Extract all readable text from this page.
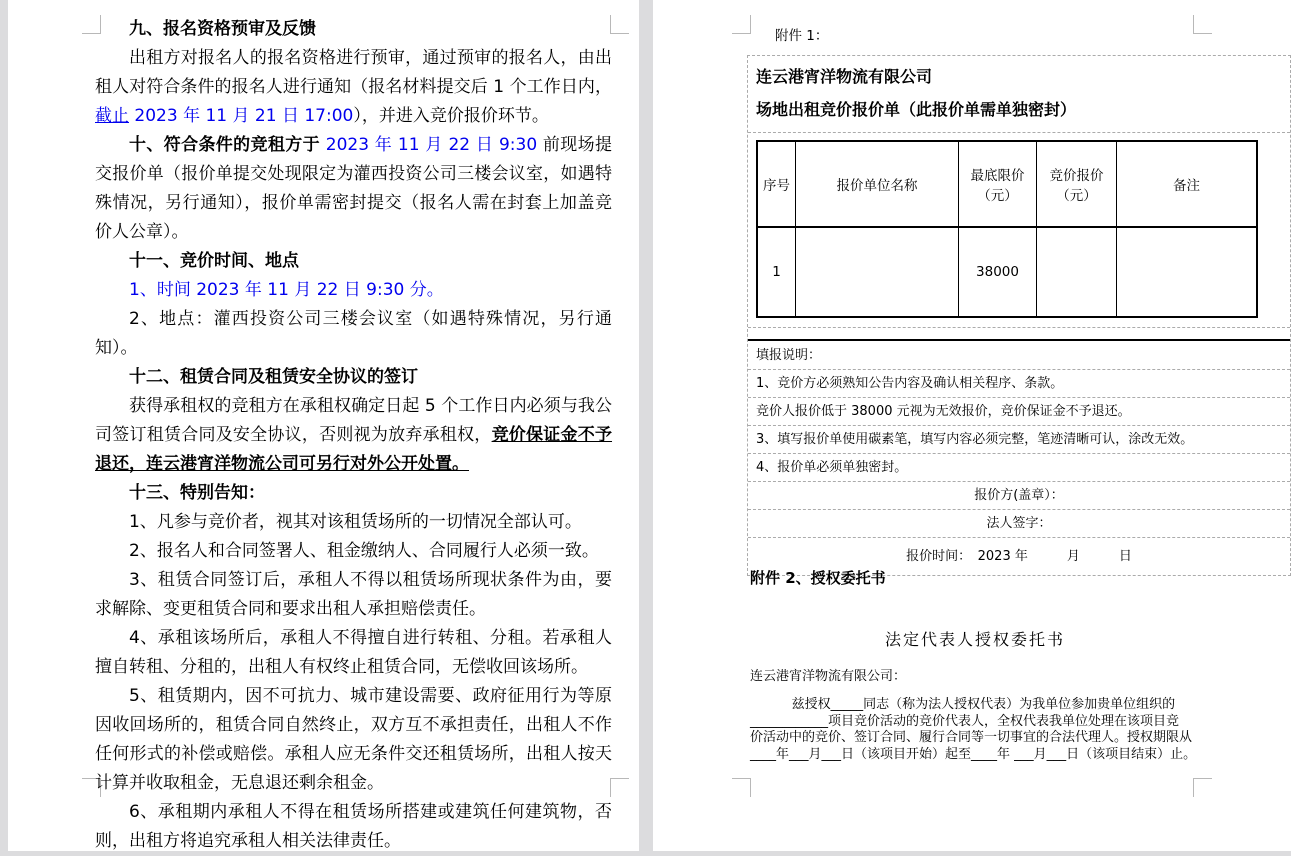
九、报名资格预审及反馈

出租方对报名人的报名资格进行预审，通过预审的报名人，由出租人对符合条件的报名人进行通知（报名材料提交后 1 个工作日内，截止 2023 年 11 月 21 日 17:00），并进入竞价报价环节。

十、符合条件的竞租方于 2023 年 11 月 22 日 9:30 前现场提交报价单（报价单提交处现限定为灌西投资公司三楼会议室，如遇特殊情况，另行通知），报价单需密封提交（报名人需在封套上加盖竞价人公章）。

十一、竞价时间、地点

1、时间 2023 年 11 月 22 日 9:30 分。

2、地点：灌西投资公司三楼会议室（如遇特殊情况，另行通知）。

十二、租赁合同及租赁安全协议的签订

获得承租权的竞租方在承租权确定日起 5 个工作日内必须与我公司签订租赁合同及安全协议，否则视为放弃承租权，竞价保证金不予退还，连云港宵洋物流公司可另行对外公开处置。

十三、特别告知：

1、凡参与竞价者，视其对该租赁场所的一切情况全部认可。

2、报名人和合同签署人、租金缴纳人、合同履行人必须一致。

3、租赁合同签订后，承租人不得以租赁场所现状条件为由，要求解除、变更租赁合同和要求出租人承担赔偿责任。

4、承租该场所后，承租人不得擅自进行转租、分租。若承租人擅自转租、分租的，出租人有权终止租赁合同，无偿收回该场所。

5、租赁期内，因不可抗力、城市建设需要、政府征用行为等原因收回场所的，租赁合同自然终止，双方互不承担责任，出租人不作任何形式的补偿或赔偿。承租人应无条件交还租赁场所，出租人按天计算并收取租金，无息退还剩余租金。

6、承租期内承租人不得在租赁场所搭建或建筑任何建筑物，否则，出租方将追究承租人相关法律责任。

附件 1：
连云港宵洋物流有限公司
场地出租竞价报价单（此报价单需单独密封）
序号	报价单位名称	最底限价（元）	竞价报价（元）	备注
1		38000		
填报说明：
1、竞价方必须熟知公告内容及确认相关程序、条款。
竞价人报价低于 38000 元视为无效报价，竞价保证金不予退还。
3、填写报价单使用碳素笔，填写内容必须完整，笔迹清晰可认，涂改无效。
4、报价单必须单独密封。
报价方(盖章）：
法人签字：
报价时间：　2023 年　　　月　　　日
附件 2、授权委托书
法定代表人授权委托书
连云港宵洋物流有限公司：
兹授权_____同志（称为法人授权代表）为我单位参加贵单位组织的
____________项目竞价活动的竞价代表人，全权代表我单位处理在该项目竞
价活动中的竞价、签订合同、履行合同等一切事宜的合法代理人。授权期限从
____年___月___日（该项目开始）起至____年 ___月___日（该项目结束）止。
